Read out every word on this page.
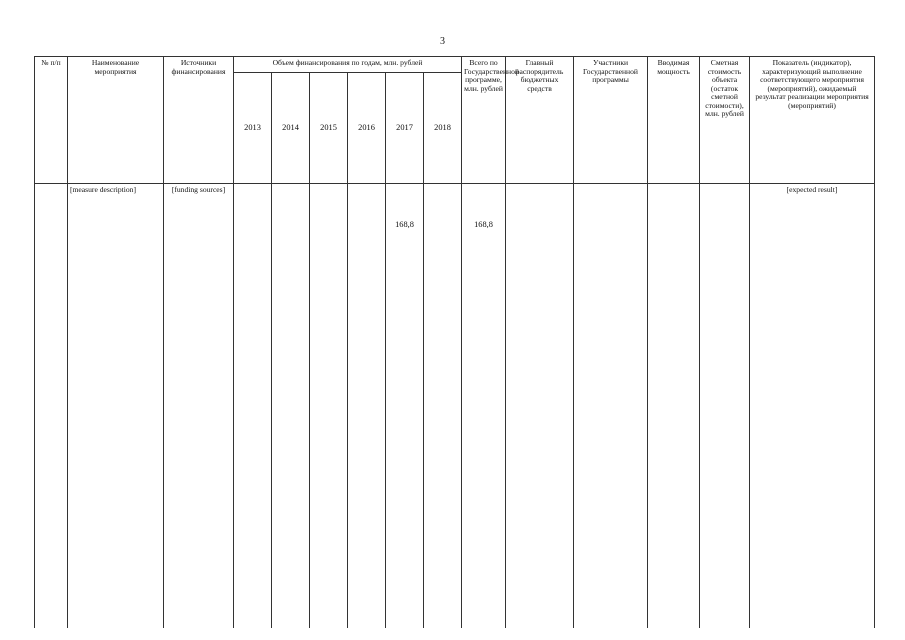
3
№ п/п	Наименование мероприятия	Источники финансирования	Объем финансирования по годам, млн. рублей						Всего по Государственной программе, млн. рублей	Главный распорядитель бюджетных средств	Участники Государственной программы	Вводимая мощность	Сметная стоимость объекта (остаток сметной стоимости), млн. рублей	Показатель (индикатор), характеризующий выполнение соответствующего мероприятия (мероприятий), ожидаемый результат реализации мероприятия (мероприятий)
			2013	2014	2015	2016	2017	2018						
	[measure description]	[funding sources]					168,8		168,8					[expected result]
